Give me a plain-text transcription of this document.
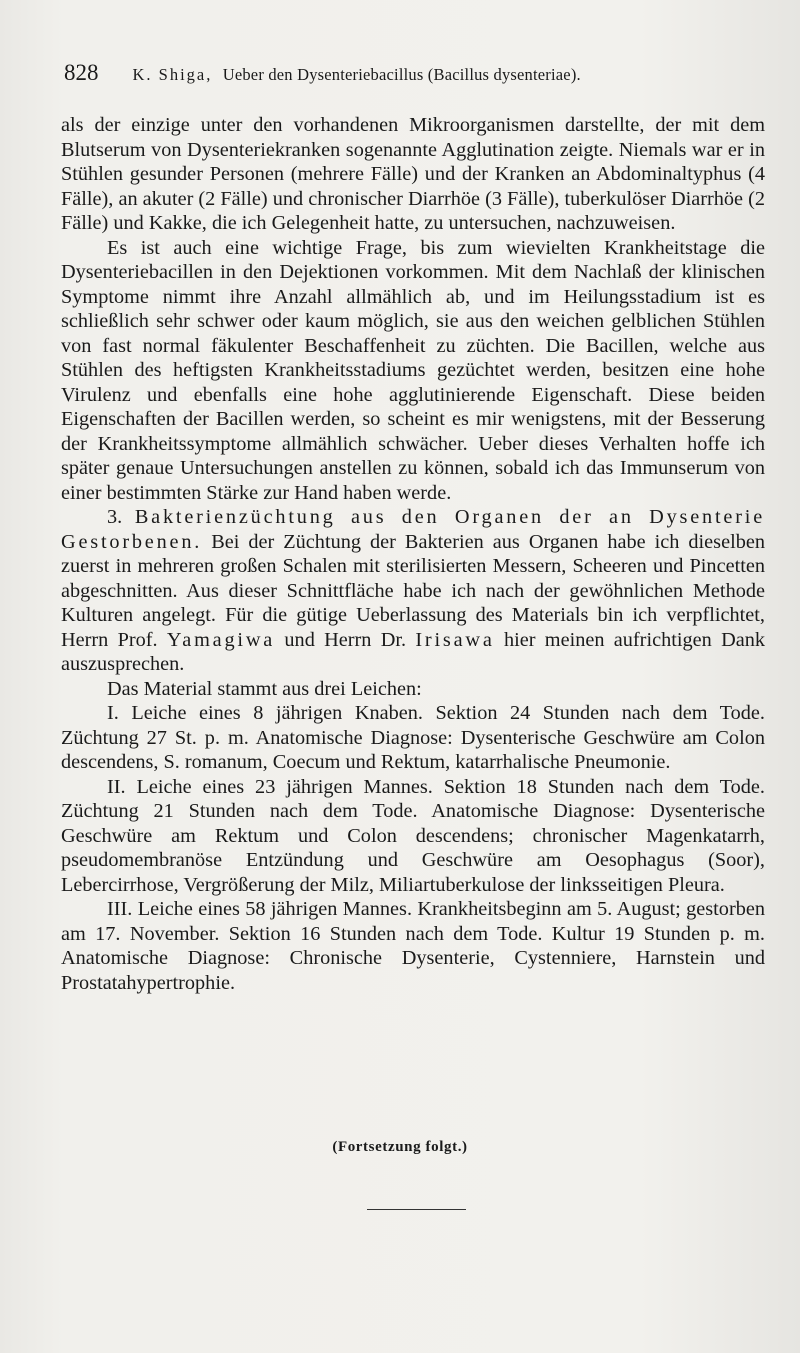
828 K. Shiga, Ueber den Dysenteriebacillus (Bacillus dysenteriae).

als der einzige unter den vorhandenen Mikroorganismen darstellte, der mit dem Blutserum von Dysenteriekranken sogenannte Agglutination zeigte. Niemals war er in Stühlen gesunder Personen (mehrere Fälle) und der Kranken an Abdominaltyphus (4 Fälle), an akuter (2 Fälle) und chronischer Diarrhöe (3 Fälle), tuberkulöser Diarrhöe (2 Fälle) und Kakke, die ich Gelegenheit hatte, zu untersuchen, nachzuweisen.

Es ist auch eine wichtige Frage, bis zum wievielten Krankheitstage die Dysenteriebacillen in den Dejektionen vorkommen. Mit dem Nachlaß der klinischen Symptome nimmt ihre Anzahl allmählich ab, und im Heilungsstadium ist es schließlich sehr schwer oder kaum möglich, sie aus den weichen gelblichen Stühlen von fast normal fäkulenter Beschaffenheit zu züchten. Die Bacillen, welche aus Stühlen des heftigsten Krankheitsstadiums gezüchtet werden, besitzen eine hohe Virulenz und ebenfalls eine hohe agglutinierende Eigenschaft. Diese beiden Eigenschaften der Bacillen werden, so scheint es mir wenigstens, mit der Besserung der Krankheitssymptome allmählich schwächer. Ueber dieses Verhalten hoffe ich später genaue Untersuchungen anstellen zu können, sobald ich das Immunserum von einer bestimmten Stärke zur Hand haben werde.

3. Bakterienzüchtung aus den Organen der an Dysenterie Gestorbenen. Bei der Züchtung der Bakterien aus Organen habe ich dieselben zuerst in mehreren großen Schalen mit sterilisierten Messern, Scheeren und Pincetten abgeschnitten. Aus dieser Schnittfläche habe ich nach der gewöhnlichen Methode Kulturen angelegt. Für die gütige Ueberlassung des Materials bin ich verpflichtet, Herrn Prof. Yamagiwa und Herrn Dr. Irisawa hier meinen aufrichtigen Dank auszusprechen.

Das Material stammt aus drei Leichen:

I. Leiche eines 8 jährigen Knaben. Sektion 24 Stunden nach dem Tode. Züchtung 27 St. p. m. Anatomische Diagnose: Dysenterische Geschwüre am Colon descendens, S. romanum, Coecum und Rektum, katarrhalische Pneumonie.

II. Leiche eines 23 jährigen Mannes. Sektion 18 Stunden nach dem Tode. Züchtung 21 Stunden nach dem Tode. Anatomische Diagnose: Dysenterische Geschwüre am Rektum und Colon descendens; chronischer Magenkatarrh, pseudomembranöse Entzündung und Geschwüre am Oesophagus (Soor), Lebercirrhose, Vergrößerung der Milz, Miliartuberkulose der linksseitigen Pleura.

III. Leiche eines 58 jährigen Mannes. Krankheitsbeginn am 5. August; gestorben am 17. November. Sektion 16 Stunden nach dem Tode. Kultur 19 Stunden p. m. Anatomische Diagnose: Chronische Dysenterie, Cystenniere, Harnstein und Prostatahypertrophie.

(Fortsetzung folgt.)
